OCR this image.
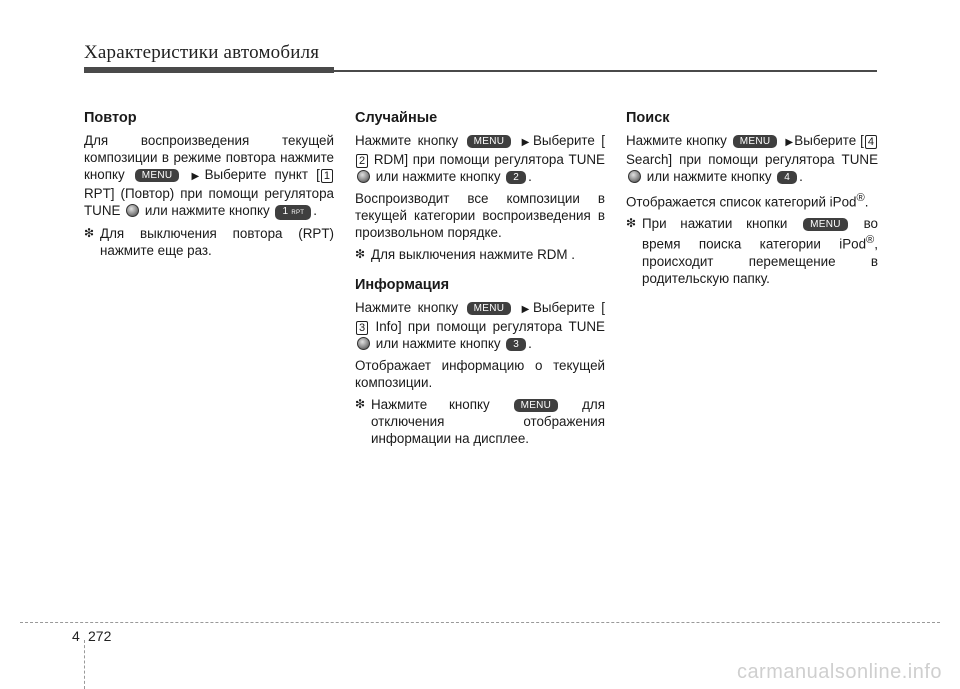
Характеристики автомобиля
Повтор

Для воспроизведения текущей композиции в режиме повтора нажмите кнопку MENU ▶Выберите пункт [ 1 RPT] (Повтор) при помощи регулятора TUNE или нажмите кнопку 1 RPT .

❇ Для выключения повтора (RPT) нажмите еще раз.
Случайные

Нажмите кнопку MENU ▶Выберите [2 RDM] при помощи регулятора TUNE  или нажмите кнопку 2 .

Воспроизводит все композиции в текущей категории воспроизведения в произвольном порядке.

❇ Для выключения нажмите RDM .
Информация

Нажмите кнопку MENU ▶Выберите [3 Info] при помощи регулятора TUNE  или нажмите кнопку 3 .

Отображает информацию о текущей композиции.

❇ Нажмите кнопку	MENU для отключения отображения информации на дисплее.
Поиск

Нажмите кнопку MENU ▶Выберите [ 4 Search] при помощи регулятора TUNE  или нажмите кнопку 4 .

Отображается список категорий iPod®.

❇ При нажатии кнопки MENU во время поиска категории iPod®, происходит перемещение в родительскую папку.
4 272
carmanualsonline.info
